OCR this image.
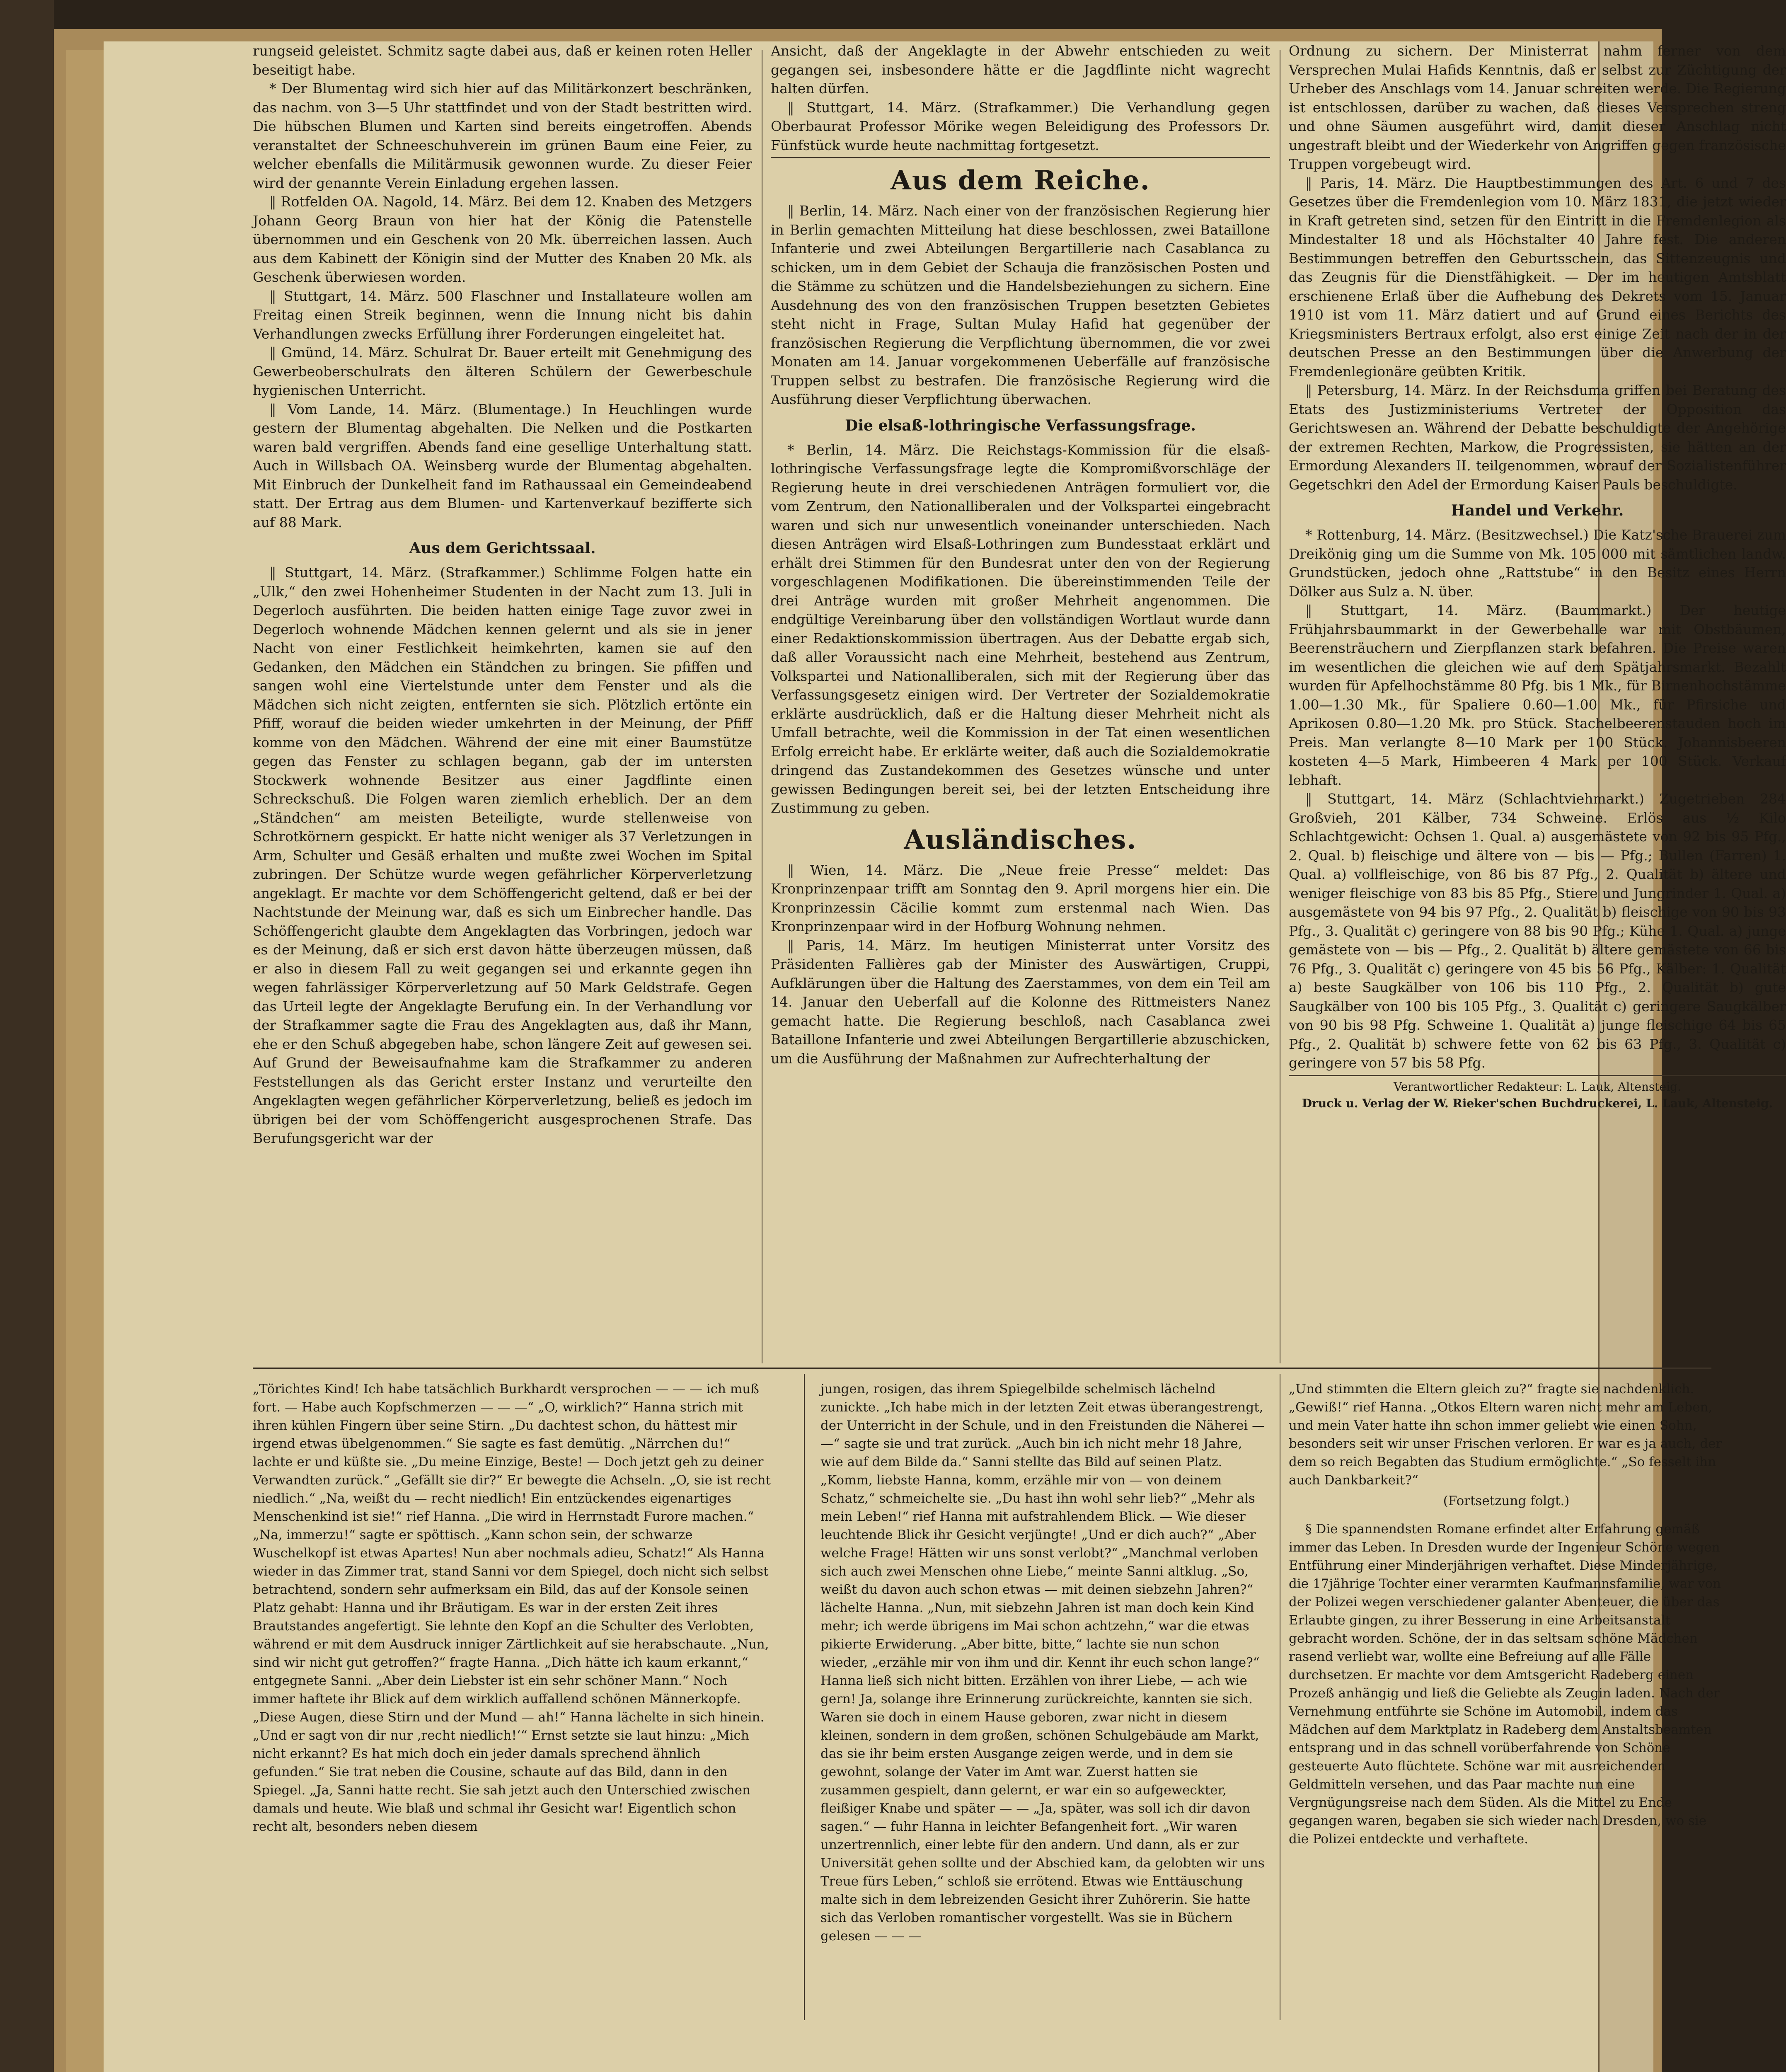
rungseid geleistet. Schmitz sagte dabei aus, daß er keinen roten Heller beseitigt habe.

* Der Blumentag wird sich hier auf das Militärkonzert beschränken, das nachm. von 3—5 Uhr stattfindet und von der Stadt bestritten wird. Die hübschen Blumen und Karten sind bereits eingetroffen. Abends veranstaltet der Schneeschuhverein im grünen Baum eine Feier, zu welcher ebenfalls die Militärmusik gewonnen wurde. Zu dieser Feier wird der genannte Verein Einladung ergehen lassen.

‖ Rotfelden OA. Nagold, 14. März. Bei dem 12. Knaben des Metzgers Johann Georg Braun von hier hat der König die Patenstelle übernommen und ein Geschenk von 20 Mk. überreichen lassen. Auch aus dem Kabinett der Königin sind der Mutter des Knaben 20 Mk. als Geschenk überwiesen worden.

‖ Stuttgart, 14. März. 500 Flaschner und Installateure wollen am Freitag einen Streik beginnen, wenn die Innung nicht bis dahin Verhandlungen zwecks Erfüllung ihrer Forderungen eingeleitet hat.

‖ Gmünd, 14. März. Schulrat Dr. Bauer erteilt mit Genehmigung des Gewerbeoberschulrats den älteren Schülern der Gewerbeschule hygienischen Unterricht.

‖ Vom Lande, 14. März. (Blumentage.) In Heuchlingen wurde gestern der Blumentag abgehalten. Die Nelken und die Postkarten waren bald vergriffen. Abends fand eine gesellige Unterhaltung statt. Auch in Willsbach OA. Weinsberg wurde der Blumentag abgehalten. Mit Einbruch der Dunkelheit fand im Rathaussaal ein Gemeindeabend statt. Der Ertrag aus dem Blumen- und Kartenverkauf bezifferte sich auf 88 Mark.

Aus dem Gerichtssaal.

‖ Stuttgart, 14. März. (Strafkammer.) Schlimme Folgen hatte ein „Ulk,“ den zwei Hohenheimer Studenten in der Nacht zum 13. Juli in Degerloch ausführten. Die beiden hatten einige Tage zuvor zwei in Degerloch wohnende Mädchen kennen gelernt und als sie in jener Nacht von einer Festlichkeit heimkehrten, kamen sie auf den Gedanken, den Mädchen ein Ständchen zu bringen. Sie pfiffen und sangen wohl eine Viertelstunde unter dem Fenster und als die Mädchen sich nicht zeigten, entfernten sie sich. Plötzlich ertönte ein Pfiff, worauf die beiden wieder umkehrten in der Meinung, der Pfiff komme von den Mädchen. Während der eine mit einer Baumstütze gegen das Fenster zu schlagen begann, gab der im untersten Stockwerk wohnende Besitzer aus einer Jagdflinte einen Schreckschuß. Die Folgen waren ziemlich erheblich. Der an dem „Ständchen“ am meisten Beteiligte, wurde stellenweise von Schrotkörnern gespickt. Er hatte nicht weniger als 37 Verletzungen in Arm, Schulter und Gesäß erhalten und mußte zwei Wochen im Spital zubringen. Der Schütze wurde wegen gefährlicher Körperverletzung angeklagt. Er machte vor dem Schöffengericht geltend, daß er bei der Nachtstunde der Meinung war, daß es sich um Einbrecher handle. Das Schöffengericht glaubte dem Angeklagten das Vorbringen, jedoch war es der Meinung, daß er sich erst davon hätte überzeugen müssen, daß er also in diesem Fall zu weit gegangen sei und erkannte gegen ihn wegen fahrlässiger Körperverletzung auf 50 Mark Geldstrafe. Gegen das Urteil legte der Angeklagte Berufung ein. In der Verhandlung vor der Strafkammer sagte die Frau des Angeklagten aus, daß ihr Mann, ehe er den Schuß abgegeben habe, schon längere Zeit auf gewesen sei. Auf Grund der Beweisaufnahme kam die Strafkammer zu anderen Feststellungen als das Gericht erster Instanz und verurteilte den Angeklagten wegen gefährlicher Körperverletzung, beließ es jedoch im übrigen bei der vom Schöffengericht ausgesprochenen Strafe. Das Berufungsgericht war der

Ansicht, daß der Angeklagte in der Abwehr entschieden zu weit gegangen sei, insbesondere hätte er die Jagdflinte nicht wagrecht halten dürfen.

‖ Stuttgart, 14. März. (Strafkammer.) Die Verhandlung gegen Oberbaurat Professor Mörike wegen Beleidigung des Professors Dr. Fünfstück wurde heute nachmittag fortgesetzt.

Aus dem Reiche.

‖ Berlin, 14. März. Nach einer von der französischen Regierung hier in Berlin gemachten Mitteilung hat diese beschlossen, zwei Bataillone Infanterie und zwei Abteilungen Bergartillerie nach Casablanca zu schicken, um in dem Gebiet der Schauja die französischen Posten und die Stämme zu schützen und die Handelsbeziehungen zu sichern. Eine Ausdehnung des von den französischen Truppen besetzten Gebietes steht nicht in Frage, Sultan Mulay Hafid hat gegenüber der französischen Regierung die Verpflichtung übernommen, die vor zwei Monaten am 14. Januar vorgekommenen Ueberfälle auf französische Truppen selbst zu bestrafen. Die französische Regierung wird die Ausführung dieser Verpflichtung überwachen.

Die elsaß-lothringische Verfassungsfrage.

* Berlin, 14. März. Die Reichstags-Kommission für die elsaß-lothringische Verfassungsfrage legte die Kompromißvorschläge der Regierung heute in drei verschiedenen Anträgen formuliert vor, die vom Zentrum, den Nationalliberalen und der Volkspartei eingebracht waren und sich nur unwesentlich voneinander unterschieden. Nach diesen Anträgen wird Elsaß-Lothringen zum Bundesstaat erklärt und erhält drei Stimmen für den Bundesrat unter den von der Regierung vorgeschlagenen Modifikationen. Die übereinstimmenden Teile der drei Anträge wurden mit großer Mehrheit angenommen. Die endgültige Vereinbarung über den vollständigen Wortlaut wurde dann einer Redaktionskommission übertragen. Aus der Debatte ergab sich, daß aller Voraussicht nach eine Mehrheit, bestehend aus Zentrum, Volkspartei und Nationalliberalen, sich mit der Regierung über das Verfassungsgesetz einigen wird. Der Vertreter der Sozialdemokratie erklärte ausdrücklich, daß er die Haltung dieser Mehrheit nicht als Umfall betrachte, weil die Kommission in der Tat einen wesentlichen Erfolg erreicht habe. Er erklärte weiter, daß auch die Sozialdemokratie dringend das Zustandekommen des Gesetzes wünsche und unter gewissen Bedingungen bereit sei, bei der letzten Entscheidung ihre Zustimmung zu geben.

Ausländisches.

‖ Wien, 14. März. Die „Neue freie Presse“ meldet: Das Kronprinzenpaar trifft am Sonntag den 9. April morgens hier ein. Die Kronprinzessin Cäcilie kommt zum erstenmal nach Wien. Das Kronprinzenpaar wird in der Hofburg Wohnung nehmen.

‖ Paris, 14. März. Im heutigen Ministerrat unter Vorsitz des Präsidenten Fallières gab der Minister des Auswärtigen, Cruppi, Aufklärungen über die Haltung des Zaerstammes, von dem ein Teil am 14. Januar den Ueberfall auf die Kolonne des Rittmeisters Nanez gemacht hatte. Die Regierung beschloß, nach Casablanca zwei Bataillone Infanterie und zwei Abteilungen Bergartillerie abzuschicken, um die Ausführung der Maßnahmen zur Aufrechterhaltung der

Ordnung zu sichern. Der Ministerrat nahm ferner von dem Versprechen Mulai Hafids Kenntnis, daß er selbst zur Züchtigung der Urheber des Anschlags vom 14. Januar schreiten werde. Die Regierung ist entschlossen, darüber zu wachen, daß dieses Versprechen streng und ohne Säumen ausgeführt wird, damit dieser Anschlag nicht ungestraft bleibt und der Wiederkehr von Angriffen gegen französische Truppen vorgebeugt wird.

‖ Paris, 14. März. Die Hauptbestimmungen des Art. 6 und 7 des Gesetzes über die Fremdenlegion vom 10. März 1831, die jetzt wieder in Kraft getreten sind, setzen für den Eintritt in die Fremdenlegion als Mindestalter 18 und als Höchstalter 40 Jahre fest. Die anderen Bestimmungen betreffen den Geburtsschein, das Sittenzeugnis und das Zeugnis für die Dienstfähigkeit. — Der im heutigen Amtsblatt erschienene Erlaß über die Aufhebung des Dekrets vom 15. Januar 1910 ist vom 11. März datiert und auf Grund eines Berichts des Kriegsministers Bertraux erfolgt, also erst einige Zeit nach der in der deutschen Presse an den Bestimmungen über die Anwerbung der Fremdenlegionäre geübten Kritik.

‖ Petersburg, 14. März. In der Reichsduma griffen bei Beratung des Etats des Justizministeriums Vertreter der Opposition das Gerichtswesen an. Während der Debatte beschuldigte der Angehörige der extremen Rechten, Markow, die Progressisten, sie hätten an der Ermordung Alexanders II. teilgenommen, worauf der Sozialistenführer Gegetschkri den Adel der Ermordung Kaiser Pauls beschuldigte.

Handel und Verkehr.

* Rottenburg, 14. März. (Besitzwechsel.) Die Katz'sche Brauerei zum Dreikönig ging um die Summe von Mk. 105 000 mit sämtlichen landw. Grundstücken, jedoch ohne „Rattstube“ in den Besitz eines Herrn Dölker aus Sulz a. N. über.

‖ Stuttgart, 14. März. (Baummarkt.) Der heutige Frühjahrsbaummarkt in der Gewerbehalle war mit Obstbäumen, Beerensträuchern und Zierpflanzen stark befahren. Die Preise waren im wesentlichen die gleichen wie auf dem Spätjahrsmarkt. Bezahlt wurden für Apfelhochstämme 80 Pfg. bis 1 Mk., für Birnenhochstämme 1.00—1.30 Mk., für Spaliere 0.60—1.00 Mk., für Pfirsiche und Aprikosen 0.80—1.20 Mk. pro Stück. Stachelbeerenstauden hoch im Preis. Man verlangte 8—10 Mark per 100 Stück. Johannisbeeren kosteten 4—5 Mark, Himbeeren 4 Mark per 100 Stück. Verkauf lebhaft.

‖ Stuttgart, 14. März (Schlachtviehmarkt.) Zugetrieben 284 Großvieh, 201 Kälber, 734 Schweine. Erlös aus ½ Kilo Schlachtgewicht: Ochsen 1. Qual. a) ausgemästete von 92 bis 95 Pfg., 2. Qual. b) fleischige und ältere von — bis — Pfg.; Bullen (Farren) 1. Qual. a) vollfleischige, von 86 bis 87 Pfg., 2. Qualität b) ältere und weniger fleischige von 83 bis 85 Pfg., Stiere und Jungrinder 1. Qual. a) ausgemästete von 94 bis 97 Pfg., 2. Qualität b) fleischige von 90 bis 93 Pfg., 3. Qualität c) geringere von 88 bis 90 Pfg.; Kühe 1. Qual. a) junge gemästete von — bis — Pfg., 2. Qualität b) ältere gemästete von 66 bis 76 Pfg., 3. Qualität c) geringere von 45 bis 56 Pfg., Kälber: 1. Qualität a) beste Saugkälber von 106 bis 110 Pfg., 2. Qualität b) gute Saugkälber von 100 bis 105 Pfg., 3. Qualität c) geringere Saugkälber von 90 bis 98 Pfg. Schweine 1. Qualität a) junge fleischige 64 bis 65 Pfg., 2. Qualität b) schwere fette von 62 bis 63 Pfg., 3. Qualität c) geringere von 57 bis 58 Pfg.

Verantwortlicher Redakteur: L. Lauk, Altensteig.
Druck u. Verlag der W. Rieker'schen Buchdruckerei, L. Lauk, Altensteig.

„Törichtes Kind! Ich habe tatsächlich Burkhardt versprochen — — — ich muß fort. — Habe auch Kopfschmerzen — — —“ „O, wirklich?“ Hanna strich mit ihren kühlen Fingern über seine Stirn. „Du dachtest schon, du hättest mir irgend etwas übelgenommen.“ Sie sagte es fast demütig. „Närrchen du!“ lachte er und küßte sie. „Du meine Einzige, Beste! — Doch jetzt geh zu deiner Verwandten zurück.“ „Gefällt sie dir?“ Er bewegte die Achseln. „O, sie ist recht niedlich.“ „Na, weißt du — recht niedlich! Ein entzückendes eigenartiges Menschenkind ist sie!“ rief Hanna. „Die wird in Herrnstadt Furore machen.“ „Na, immerzu!“ sagte er spöttisch. „Kann schon sein, der schwarze Wuschelkopf ist etwas Apartes! Nun aber nochmals adieu, Schatz!“ Als Hanna wieder in das Zimmer trat, stand Sanni vor dem Spiegel, doch nicht sich selbst betrachtend, sondern sehr aufmerksam ein Bild, das auf der Konsole seinen Platz gehabt: Hanna und ihr Bräutigam. Es war in der ersten Zeit ihres Brautstandes angefertigt. Sie lehnte den Kopf an die Schulter des Verlobten, während er mit dem Ausdruck inniger Zärtlichkeit auf sie herabschaute. „Nun, sind wir nicht gut getroffen?“ fragte Hanna. „Dich hätte ich kaum erkannt,“ entgegnete Sanni. „Aber dein Liebster ist ein sehr schöner Mann.“ Noch immer haftete ihr Blick auf dem wirklich auffallend schönen Männerkopfe. „Diese Augen, diese Stirn und der Mund — ah!“ Hanna lächelte in sich hinein. „Und er sagt von dir nur ‚recht niedlich!‘“ Ernst setzte sie laut hinzu: „Mich nicht erkannt? Es hat mich doch ein jeder damals sprechend ähnlich gefunden.“ Sie trat neben die Cousine, schaute auf das Bild, dann in den Spiegel. „Ja, Sanni hatte recht. Sie sah jetzt auch den Unterschied zwischen damals und heute. Wie blaß und schmal ihr Gesicht war! Eigentlich schon recht alt, besonders neben diesem

jungen, rosigen, das ihrem Spiegelbilde schelmisch lächelnd zunickte. „Ich habe mich in der letzten Zeit etwas überangestrengt, der Unterricht in der Schule, und in den Freistunden die Näherei — —“ sagte sie und trat zurück. „Auch bin ich nicht mehr 18 Jahre, wie auf dem Bilde da.“ Sanni stellte das Bild auf seinen Platz. „Komm, liebste Hanna, komm, erzähle mir von — von deinem Schatz,“ schmeichelte sie. „Du hast ihn wohl sehr lieb?“ „Mehr als mein Leben!“ rief Hanna mit aufstrahlendem Blick. — Wie dieser leuchtende Blick ihr Gesicht verjüngte! „Und er dich auch?“ „Aber welche Frage! Hätten wir uns sonst verlobt?“ „Manchmal verloben sich auch zwei Menschen ohne Liebe,“ meinte Sanni altklug. „So, weißt du davon auch schon etwas — mit deinen siebzehn Jahren?“ lächelte Hanna. „Nun, mit siebzehn Jahren ist man doch kein Kind mehr; ich werde übrigens im Mai schon achtzehn,“ war die etwas pikierte Erwiderung. „Aber bitte, bitte,“ lachte sie nun schon wieder, „erzähle mir von ihm und dir. Kennt ihr euch schon lange?“ Hanna ließ sich nicht bitten. Erzählen von ihrer Liebe, — ach wie gern! Ja, solange ihre Erinnerung zurückreichte, kannten sie sich. Waren sie doch in einem Hause geboren, zwar nicht in diesem kleinen, sondern in dem großen, schönen Schulgebäude am Markt, das sie ihr beim ersten Ausgange zeigen werde, und in dem sie gewohnt, solange der Vater im Amt war. Zuerst hatten sie zusammen gespielt, dann gelernt, er war ein so aufgeweckter, fleißiger Knabe und später — — „Ja, später, was soll ich dir davon sagen.“ — fuhr Hanna in leichter Befangenheit fort. „Wir waren unzertrennlich, einer lebte für den andern. Und dann, als er zur Universität gehen sollte und der Abschied kam, da gelobten wir uns Treue fürs Leben,“ schloß sie errötend. Etwas wie Enttäuschung malte sich in dem lebreizenden Gesicht ihrer Zuhörerin. Sie hatte sich das Verloben romantischer vorgestellt. Was sie in Büchern gelesen — — —

„Und stimmten die Eltern gleich zu?“ fragte sie nachdenklich. „Gewiß!“ rief Hanna. „Otkos Eltern waren nicht mehr am Leben, und mein Vater hatte ihn schon immer geliebt wie einen Sohn, besonders seit wir unser Frischen verloren. Er war es ja auch, der dem so reich Begabten das Studium ermöglichte.“ „So fesselt ihn auch Dankbarkeit?“

(Fortsetzung folgt.)

§ Die spannendsten Romane erfindet alter Erfahrung gemäß immer das Leben. In Dresden wurde der Ingenieur Schöne wegen Entführung einer Minderjährigen verhaftet. Diese Minderjährige, die 17jährige Tochter einer verarmten Kaufmannsfamilie, war von der Polizei wegen verschiedener galanter Abenteuer, die über das Erlaubte gingen, zu ihrer Besserung in eine Arbeitsanstalt gebracht worden. Schöne, der in das seltsam schöne Mädchen rasend verliebt war, wollte eine Befreiung auf alle Fälle durchsetzen. Er machte vor dem Amtsgericht Radeberg einen Prozeß anhängig und ließ die Geliebte als Zeugin laden. Nach der Vernehmung entführte sie Schöne im Automobil, indem das Mädchen auf dem Marktplatz in Radeberg dem Anstaltsbeamten entsprang und in das schnell vorüberfahrende von Schöne gesteuerte Auto flüchtete. Schöne war mit ausreichenden Geldmitteln versehen, und das Paar machte nun eine Vergnügungsreise nach dem Süden. Als die Mittel zu Ende gegangen waren, begaben sie sich wieder nach Dresden, wo sie die Polizei entdeckte und verhaftete.
